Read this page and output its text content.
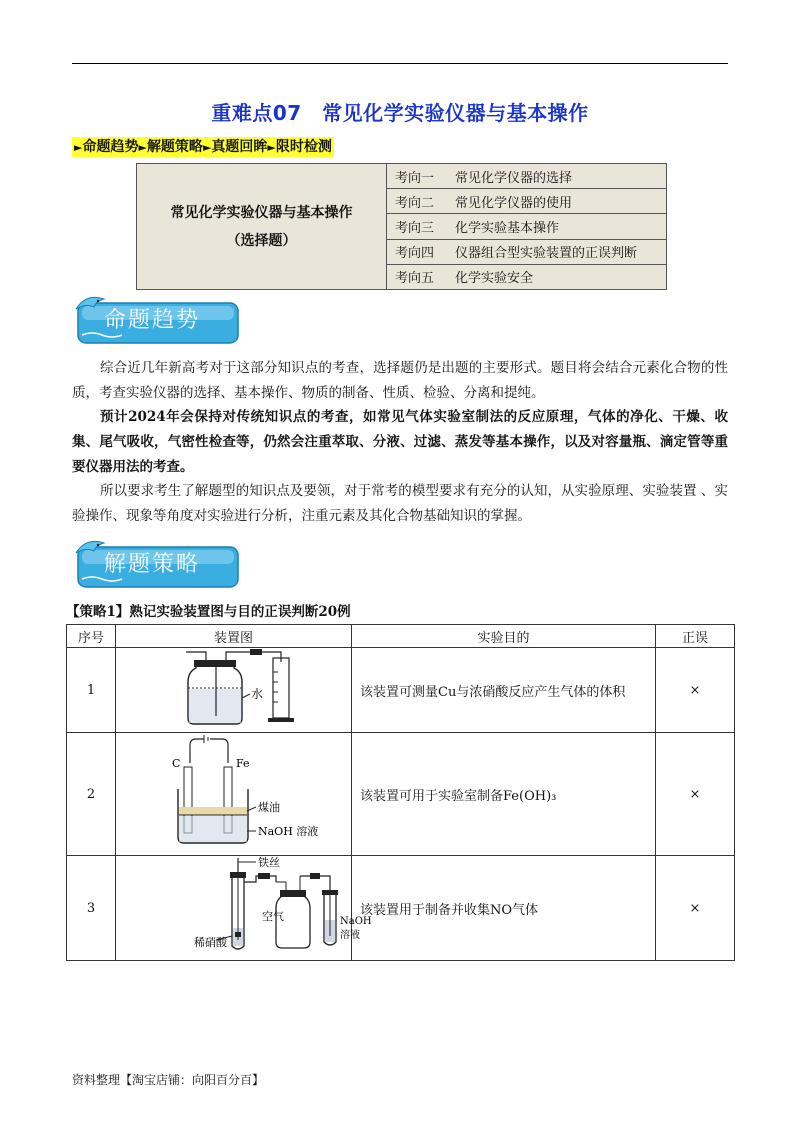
重难点07　常见化学实验仪器与基本操作
►命题趋势►解题策略►真题回眸►限时检测
常见化学实验仪器与基本操作
（选择题）
考向一	常见化学仪器的选择
考向二	常见化学仪器的使用
考向三	化学实验基本操作
考向四	仪器组合型实验装置的正误判断
考向五	化学实验安全
命题趋势
综合近几年新高考对于这部分知识点的考查，选择题仍是出题的主要形式。题目将会结合元素化合物的性质，考查实验仪器的选择、基本操作、物质的制备、性质、检验、分离和提纯。
预计2024年会保持对传统知识点的考查，如常见气体实验室制法的反应原理，气体的净化、干燥、收集、尾气吸收，气密性检查等，仍然会注重萃取、分液、过滤、蒸发等基本操作，以及对容量瓶、滴定管等重要仪器用法的考查。
所以要求考生了解题型的知识点及要领，对于常考的模型要求有充分的认知，从实验原理、实验装置 、实验操作、现象等角度对实验进行分析，注重元素及其化合物基础知识的掌握。
解题策略
【策略1】熟记实验装置图与目的正误判断20例
序号	装置图	实验目的	正误
1	水	该装置可测量Cu与浓硝酸反应产生气体的体积	×
2	C Fe
煤油
NaOH 溶液	该装置可用于实验室制备Fe(OH)₃	×
3	铁丝
稀硝酸
空气 NaOH
溶液	该装置用于制备并收集NO气体	×
资料整理【淘宝店铺：向阳百分百】
